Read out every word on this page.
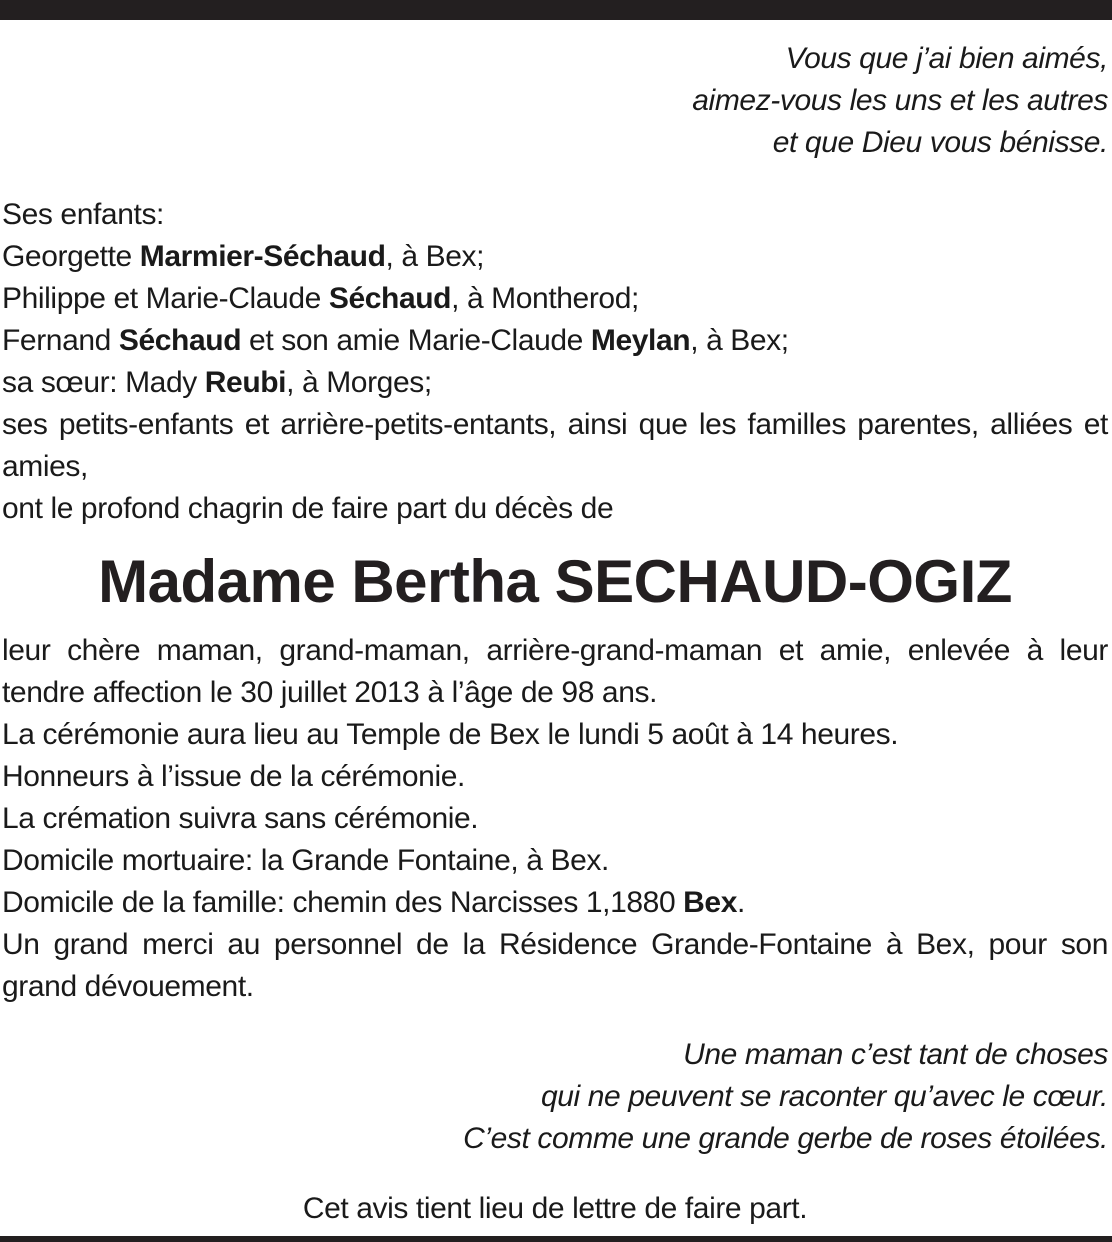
Vous que j’ai bien aimés,
aimez-vous les uns et les autres
et que Dieu vous bénisse.

Ses enfants:
Georgette Marmier-Séchaud, à Bex;
Philippe et Marie-Claude Séchaud, à Montherod;
Fernand Séchaud et son amie Marie-Claude Meylan, à Bex;
sa sœur: Mady Reubi, à Morges;
ses petits-enfants et arrière-petits-entants, ainsi que les familles parentes, alliées et amies,
ont le profond chagrin de faire part du décès de
Madame Bertha SECHAUD-OGIZ
leur chère maman, grand-maman, arrière-grand-maman et amie, enlevée à leur tendre affection le 30 juillet 2013 à l’âge de 98 ans.
La cérémonie aura lieu au Temple de Bex le lundi 5 août à 14 heures.
Honneurs à l’issue de la cérémonie.
La crémation suivra sans cérémonie.
Domicile mortuaire: la Grande Fontaine, à Bex.
Domicile de la famille: chemin des Narcisses 1,1880 Bex.
Un grand merci au personnel de la Résidence Grande-Fontaine à Bex, pour son grand dévouement.

Une maman c’est tant de choses
qui ne peuvent se raconter qu’avec le cœur.
C’est comme une grande gerbe de roses étoilées.

Cet avis tient lieu de lettre de faire part.
